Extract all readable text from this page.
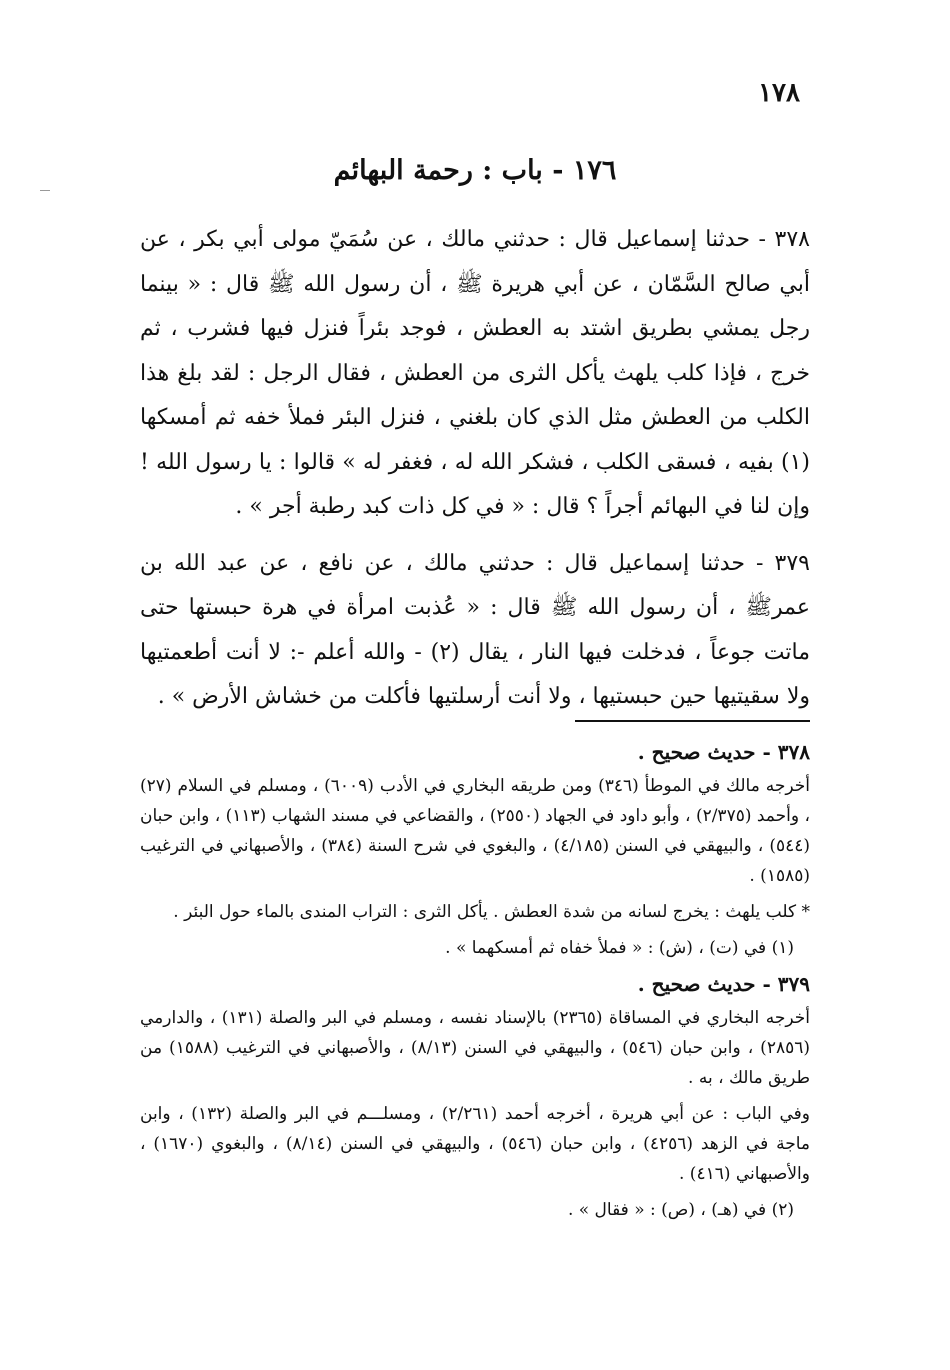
١٧٨
١٧٦ - باب : رحمة البهائم

٣٧٨ - حدثنا إسماعيل قال : حدثني مالك ، عن سُمَيّ مولى أبي بكر ، عن أبي صالح السَّمّان ، عن أبي هريرة ﷺ ، أن رسول الله ﷺ قال : « بينما رجل يمشي بطريق اشتد به العطش ، فوجد بئراً فنزل فيها فشرب ، ثم خرج ، فإذا كلب يلهث يأكل الثرى من العطش ، فقال الرجل : لقد بلغ هذا الكلب من العطش مثل الذي كان بلغني ، فنزل البئر فملأ خفه ثم أمسكها (١) بفيه ، فسقى الكلب ، فشكر الله له ، فغفر له » قالوا : يا رسول الله ! وإن لنا في البهائم أجراً ؟ قال : « في كل ذات كبد رطبة أجر » .

٣٧٩ - حدثنا إسماعيل قال : حدثني مالك ، عن نافع ، عن عبد الله بن عمرﷺ ، أن رسول الله ﷺ قال : « عُذبت امرأة في هرة حبستها حتى ماتت جوعاً ، فدخلت فيها النار ، يقال (٢) - والله أعلم -: لا أنت أطعمتيها ولا سقيتيها حين حبستيها ، ولا أنت أرسلتيها فأكلت من خشاش الأرض » .

٣٧٨ - حديث صحيح .

أخرجه مالك في الموطأ (٣٤٦) ومن طريقه البخاري في الأدب (٦٠٠٩) ، ومسلم في السلام (٢٧) ، وأحمد (٢/٣٧٥) ، وأبو داود في الجهاد (٢٥٥٠) ، والقضاعي في مسند الشهاب (١١٣) ، وابن حبان (٥٤٤) ، والبيهقي في السنن (٤/١٨٥) ، والبغوي في شرح السنة (٣٨٤) ، والأصبهاني في الترغيب (١٥٨٥) .

* كلب يلهث : يخرج لسانه من شدة العطش . يأكل الثرى : التراب المندى بالماء حول البئر .

(١) في (ت) ، (ش) : « فملأ خفاه ثم أمسكهما » .

٣٧٩ - حديث صحيح .

أخرجه البخاري في المساقاة (٢٣٦٥) بالإسناد نفسه ، ومسلم في البر والصلة (١٣١) ، والدارمي (٢٨٥٦) ، وابن حبان (٥٤٦) ، والبيهقي في السنن (٨/١٣) ، والأصبهاني في الترغيب (١٥٨٨) من طريق مالك ، به .

وفي الباب : عن أبي هريرة ، أخرجه أحمد (٢/٢٦١) ، ومسلـــم في البر والصلة (١٣٢) ، وابن ماجة في الزهد (٤٢٥٦) ، وابن حبان (٥٤٦) ، والبيهقي في السنن (٨/١٤) ، والبغوي (١٦٧٠) ، والأصبهاني (٤١٦) .

(٢) في (هـ) ، (ص) : « فقال » .
